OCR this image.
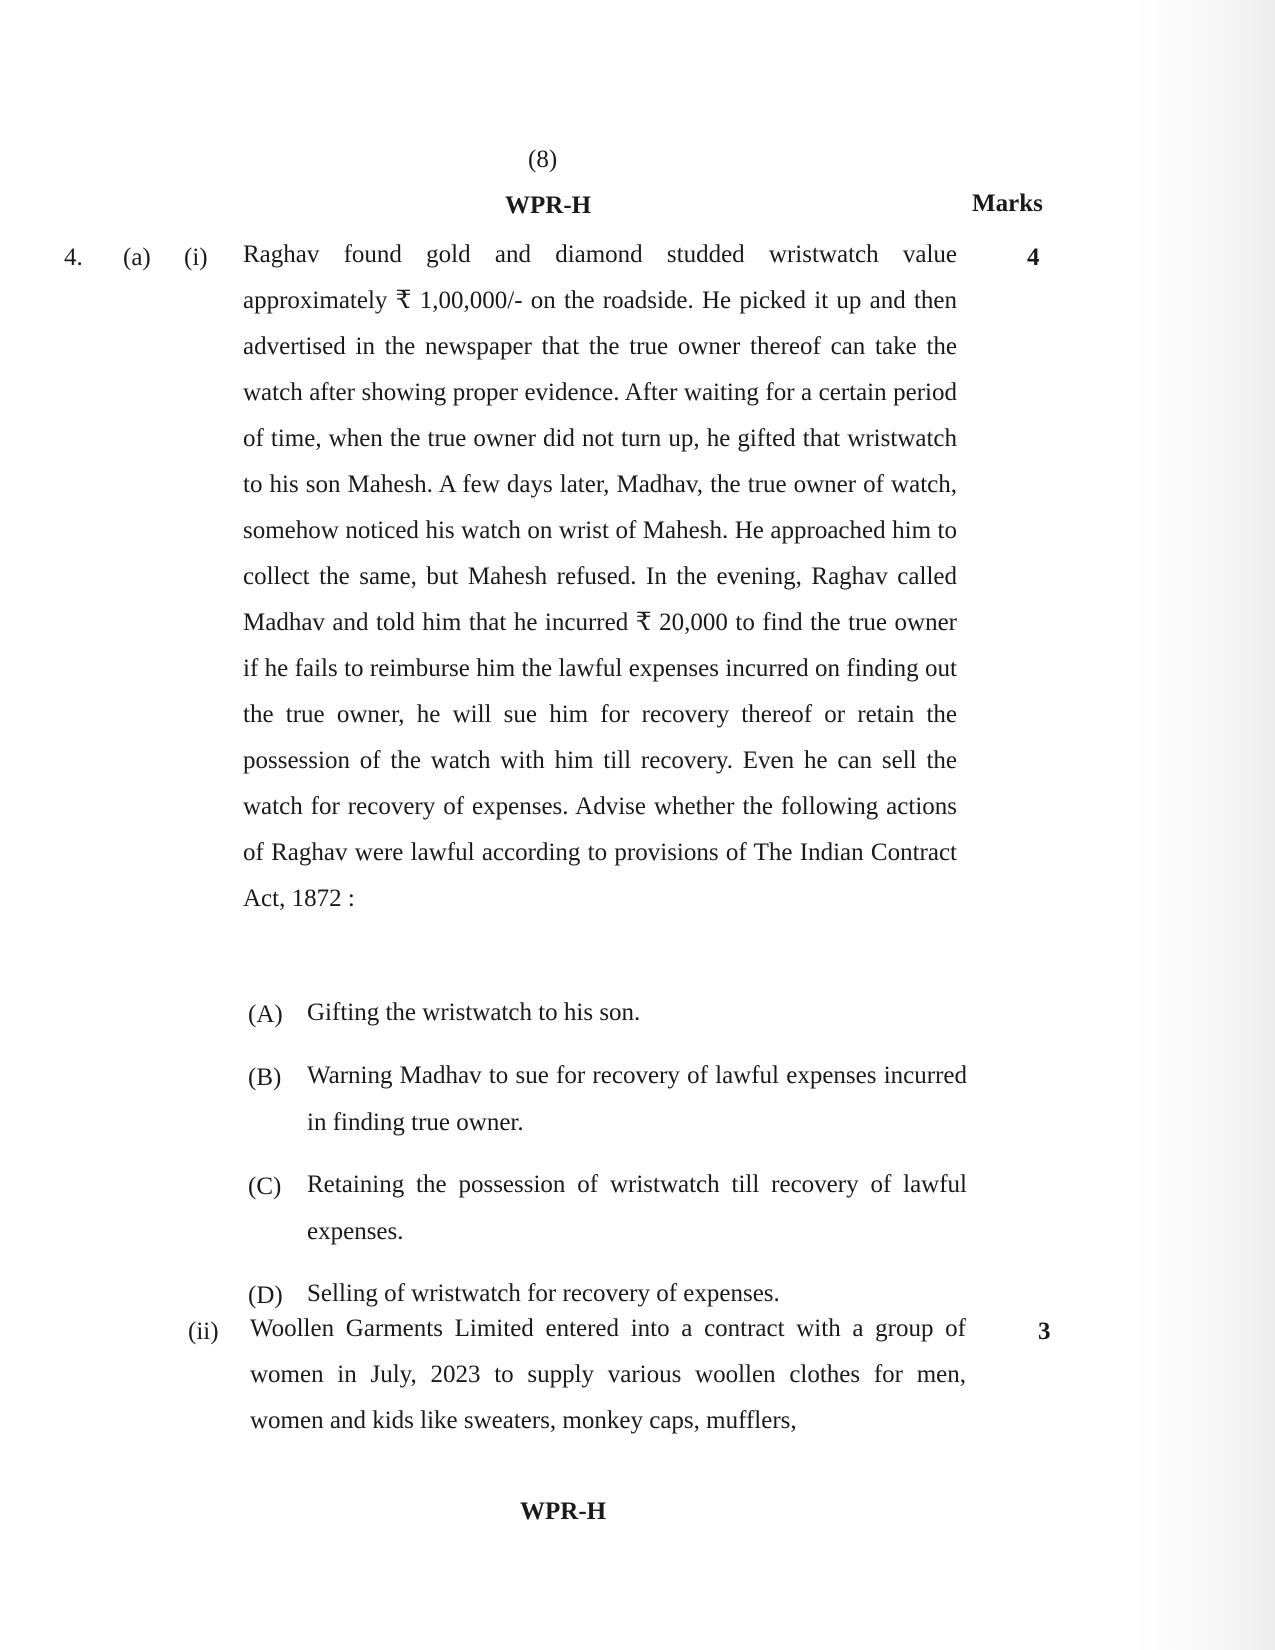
(8)
WPR-H	Marks
4. (a) (i)	4

Raghav found gold and diamond studded wristwatch value approximately ₹ 1,00,000/- on the roadside. He picked it up and then advertised in the newspaper that the true owner thereof can take the watch after showing proper evidence. After waiting for a certain period of time, when the true owner did not turn up, he gifted that wristwatch to his son Mahesh. A few days later, Madhav, the true owner of watch, somehow noticed his watch on wrist of Mahesh. He approached him to collect the same, but Mahesh refused. In the evening, Raghav called Madhav and told him that he incurred ₹ 20,000 to find the true owner if he fails to reimburse him the lawful expenses incurred on finding out the true owner, he will sue him for recovery thereof or retain the possession of the watch with him till recovery. Even he can sell the watch for recovery of expenses. Advise whether the following actions of Raghav were lawful according to provisions of The Indian Contract Act, 1872 :

(A) Gifting the wristwatch to his son.

(B) Warning Madhav to sue for recovery of lawful expenses incurred in finding true owner.

(C) Retaining the possession of wristwatch till recovery of lawful expenses.

(D) Selling of wristwatch for recovery of expenses.

(ii)	3

Woollen Garments Limited entered into a contract with a group of women in July, 2023 to supply various woollen clothes for men, women and kids like sweaters, monkey caps, mufflers,

WPR-H
